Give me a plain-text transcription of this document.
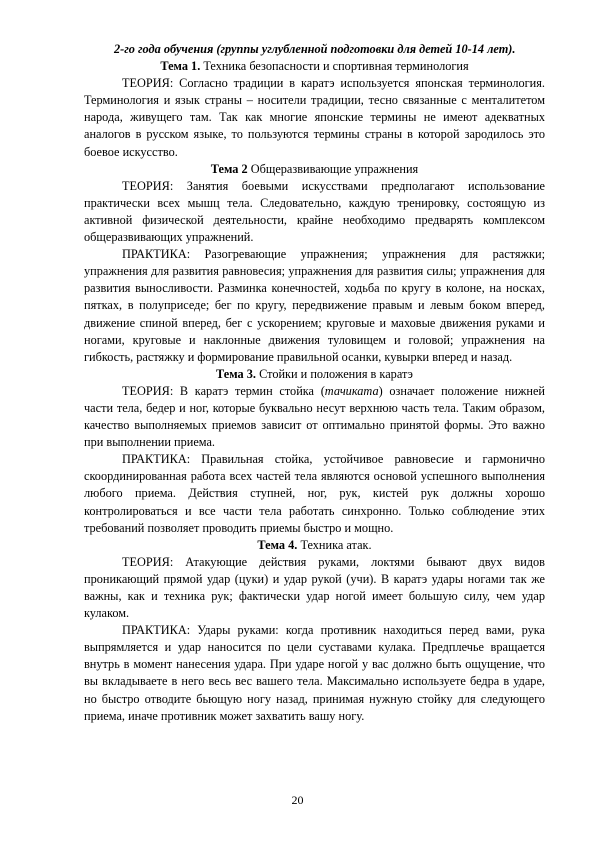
2-го года обучения (группы углубленной подготовки для детей 10-14 лет).

Тема 1. Техника безопасности и спортивная терминология

ТЕОРИЯ: Согласно традиции в каратэ используется японская терминология. Терминология и язык страны – носители традиции, тесно связанные с менталитетом народа, живущего там. Так как многие японские термины не имеют адекватных аналогов в русском языке, то пользуются термины страны в которой зародилось это боевое искусство.

Тема 2 Общеразвивающие упражнения

ТЕОРИЯ: Занятия боевыми искусствами предполагают использование практически всех мышц тела. Следовательно, каждую тренировку, состоящую из активной физической деятельности, крайне необходимо предварять комплексом общеразвивающих упражнений.

ПРАКТИКА: Разогревающие упражнения; упражнения для растяжки; упражнения для развития равновесия; упражнения для развития силы; упражнения для развития выносливости. Разминка конечностей, ходьба по кругу в колоне, на носках, пятках, в полуприседе; бег по кругу, передвижение правым и левым боком вперед, движение спиной вперед, бег с ускорением; круговые и маховые движения руками и ногами, круговые и наклонные движения туловищем и головой; упражнения на гибкость, растяжку и формирование правильной осанки, кувырки вперед и назад.

Тема 3. Стойки и положения в каратэ

ТЕОРИЯ: В каратэ термин стойка (тачиката) означает положение нижней части тела, бедер и ног, которые буквально несут верхнюю часть тела. Таким образом, качество выполняемых приемов зависит от оптимально принятой формы. Это важно при выполнении приема.

ПРАКТИКА: Правильная стойка, устойчивое равновесие и гармонично скоординированная работа всех частей тела являются основой успешного выполнения любого приема. Действия ступней, ног, рук, кистей рук должны хорошо контролироваться и все части тела работать синхронно. Только соблюдение этих требований позволяет проводить приемы быстро и мощно.

Тема 4. Техника атак.

ТЕОРИЯ: Атакующие действия руками, локтями бывают двух видов проникающий прямой удар (цуки) и удар рукой (учи). В каратэ удары ногами так же важны, как и техника рук; фактически удар ногой имеет большую силу, чем удар кулаком.

ПРАКТИКА: Удары руками: когда противник находиться перед вами, рука выпрямляется и удар наносится по цели суставами кулака. Предплечье вращается внутрь в момент нанесения удара. При ударе ногой у вас должно быть ощущение, что вы вкладываете в него весь вес вашего тела. Максимально используете бедра в ударе, но быстро отводите бьющую ногу назад, принимая нужную стойку для следующего приема, иначе противник может захватить вашу ногу.

20
